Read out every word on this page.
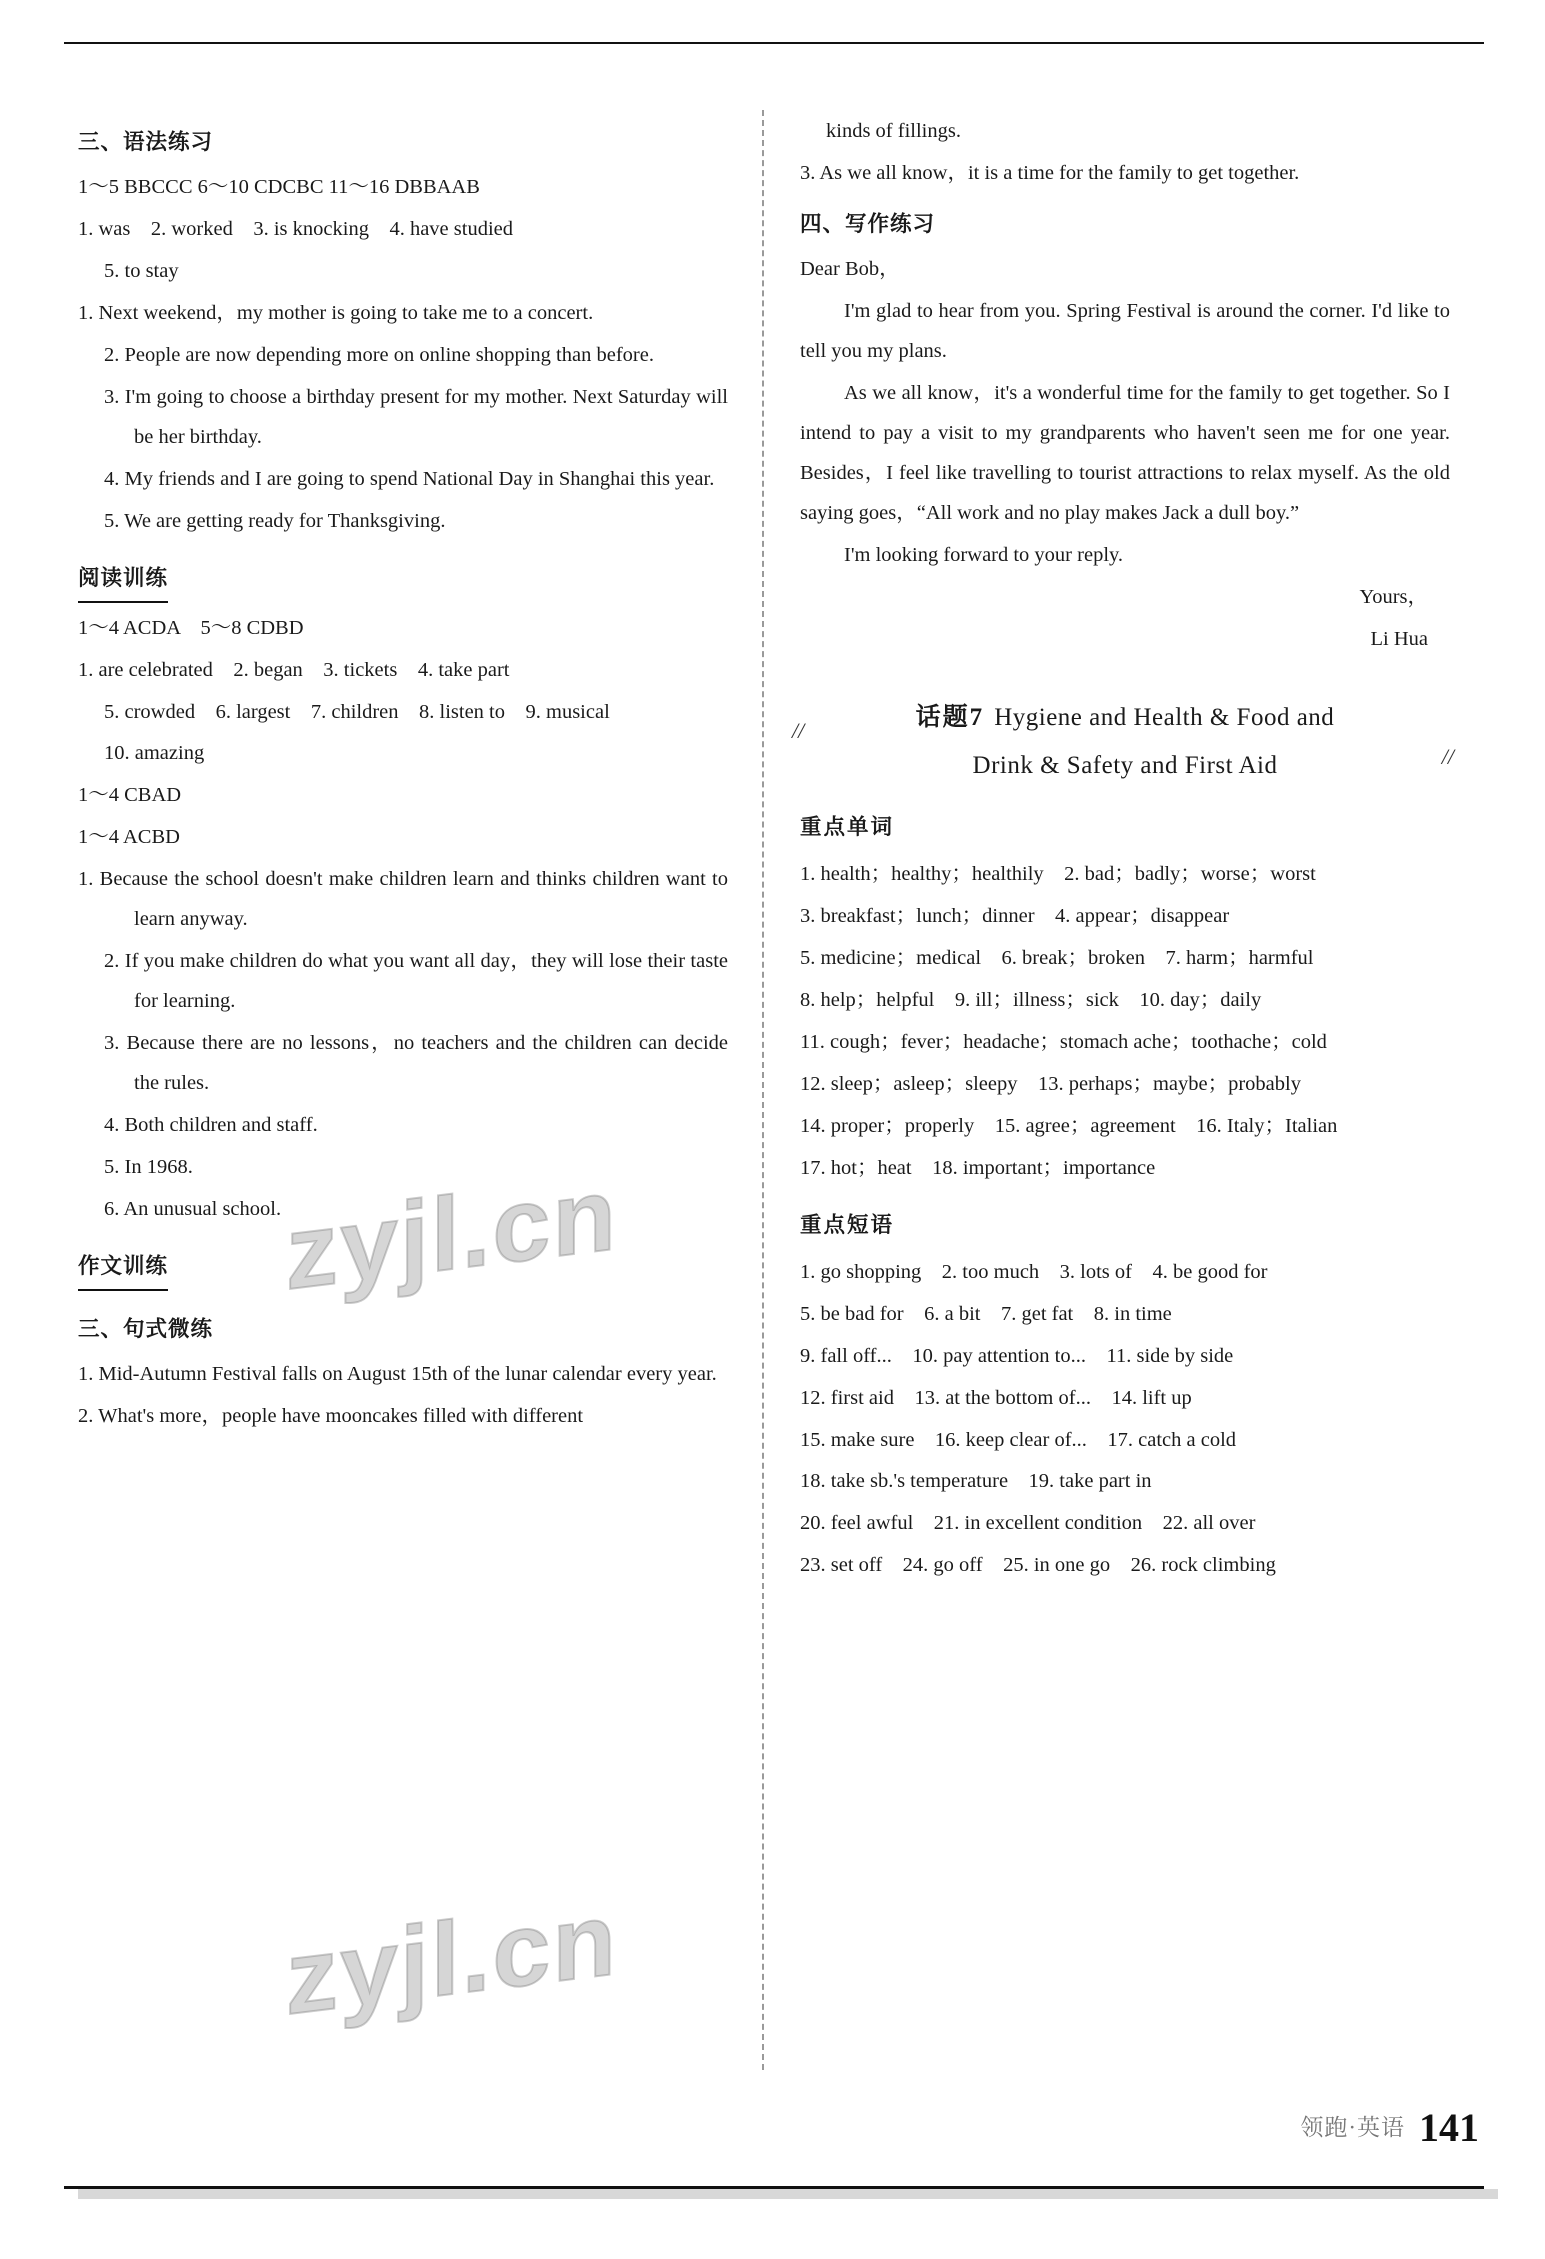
三、语法练习
1～5 BBCCC 6～10 CDCBC 11～16 DBBAAB
1. was　2. worked　3. is knocking　4. have studied
5. to stay
1. Next weekend，my mother is going to take me to a concert.
2. People are now depending more on online shopping than before.
3. I'm going to choose a birthday present for my mother. Next Saturday will be her birthday.
4. My friends and I are going to spend National Day in Shanghai this year.
5. We are getting ready for Thanksgiving.
阅读训练
1～4 ACDA　5～8 CDBD
1. are celebrated　2. began　3. tickets　4. take part
5. crowded　6. largest　7. children　8. listen to　9. musical
10. amazing
1～4 CBAD
1～4 ACBD
1. Because the school doesn't make children learn and thinks children want to learn anyway.
2. If you make children do what you want all day，they will lose their taste for learning.
3. Because there are no lessons，no teachers and the children can decide the rules.
4. Both children and staff.
5. In 1968.
6. An unusual school.
作文训练
三、句式微练
1. Mid-Autumn Festival falls on August 15th of the lunar calendar every year.
2. What's more，people have mooncakes filled with different
kinds of fillings.
3. As we all know，it is a time for the family to get together.
四、写作练习
Dear Bob，
I'm glad to hear from you. Spring Festival is around the corner. I'd like to tell you my plans.
As we all know，it's a wonderful time for the family to get together. So I intend to pay a visit to my grandparents who haven't seen me for one year. Besides，I feel like travelling to tourist attractions to relax myself. As the old saying goes，“All work and no play makes Jack a dull boy.”
I'm looking forward to your reply.
Yours，
Li Hua
//
//
话题7 Hygiene and Health & Food and
Drink & Safety and First Aid
重点单词
1. health；healthy；healthily　2. bad；badly；worse；worst
3. breakfast；lunch；dinner　4. appear；disappear
5. medicine；medical　6. break；broken　7. harm；harmful
8. help；helpful　9. ill；illness；sick　10. day；daily
11. cough；fever；headache；stomach ache；toothache；cold
12. sleep；asleep；sleepy　13. perhaps；maybe；probably
14. proper；properly　15. agree；agreement　16. Italy；Italian
17. hot；heat　18. important；importance
重点短语
1. go shopping　2. too much　3. lots of　4. be good for
5. be bad for　6. a bit　7. get fat　8. in time
9. fall off...　10. pay attention to...　11. side by side
12. first aid　13. at the bottom of...　14. lift up
15. make sure　16. keep clear of...　17. catch a cold
18. take sb.'s temperature　19. take part in
20. feel awful　21. in excellent condition　22. all over
23. set off　24. go off　25. in one go　26. rock climbing
zyjl.cn
zyjl.cn
领跑·英语 141
